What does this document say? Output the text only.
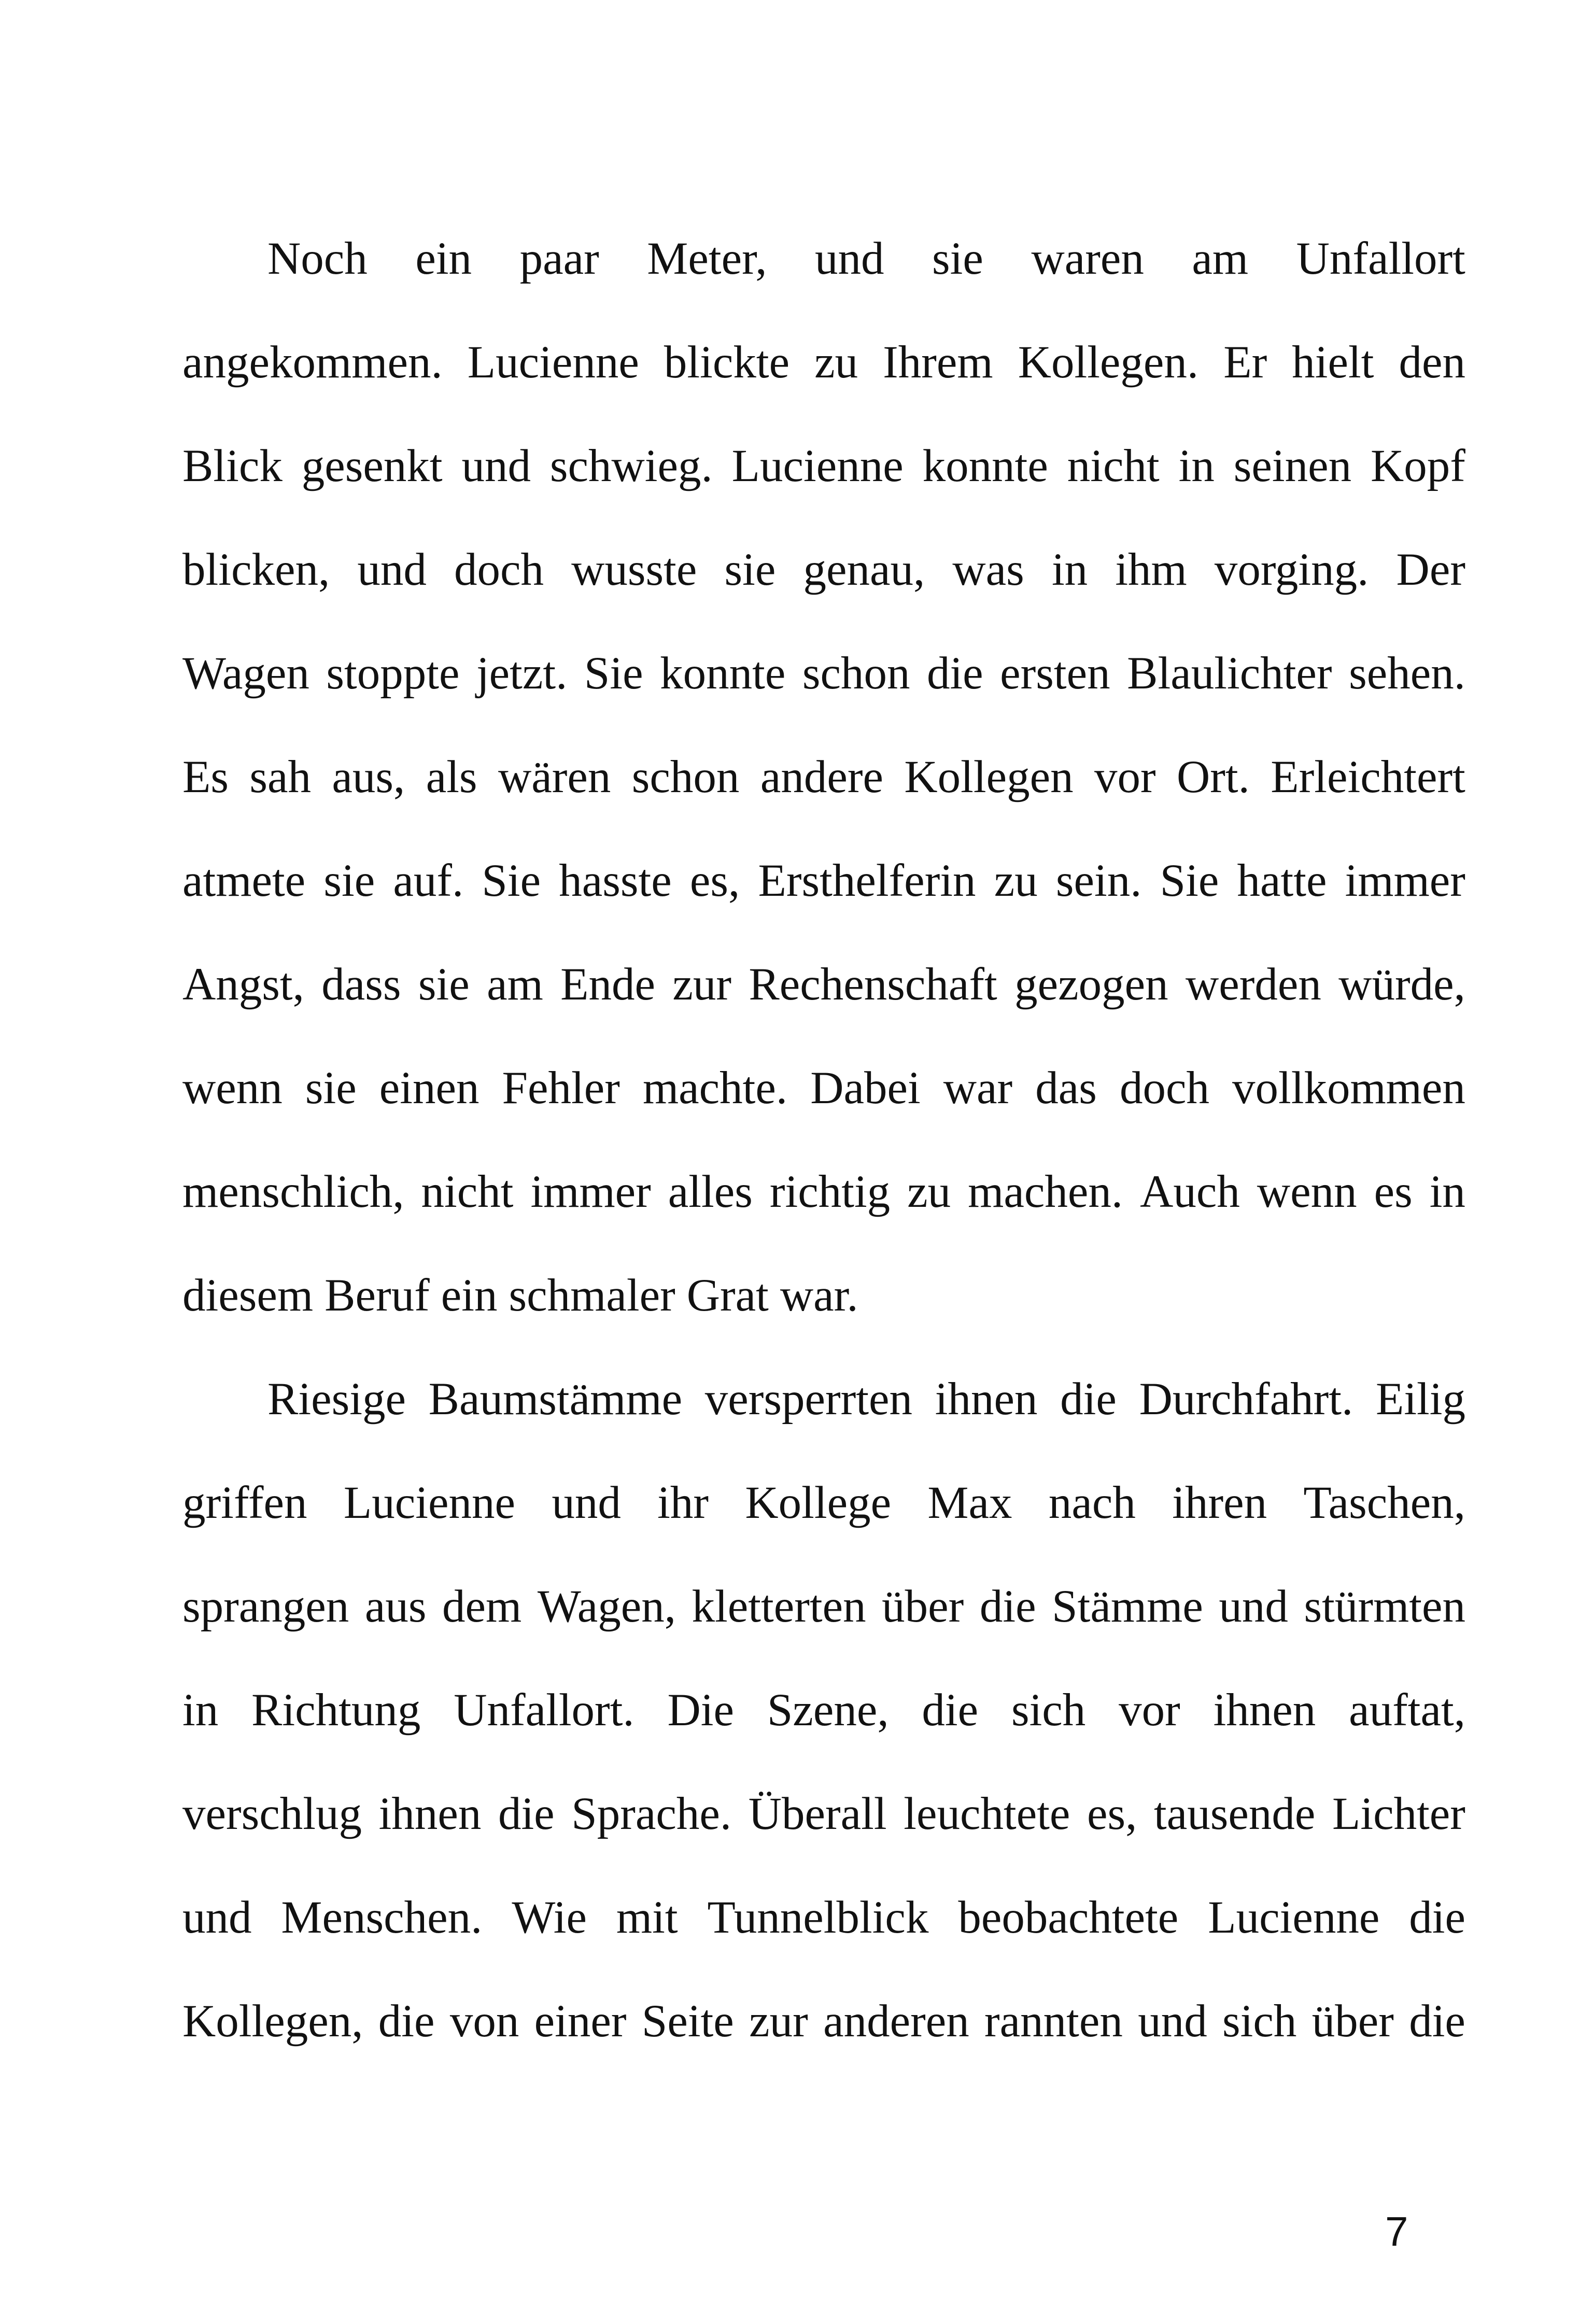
Noch ein paar Meter, und sie waren am Unfallort
angekommen. Lucienne blickte zu Ihrem Kollegen. Er hielt den
Blick gesenkt und schwieg. Lucienne konnte nicht in seinen Kopf
blicken, und doch wusste sie genau, was in ihm vorging. Der
Wagen stoppte jetzt. Sie konnte schon die ersten Blaulichter sehen.
Es sah aus, als wären schon andere Kollegen vor Ort. Erleichtert
atmete sie auf. Sie hasste es, Ersthelferin zu sein. Sie hatte immer
Angst, dass sie am Ende zur Rechenschaft gezogen werden würde,
wenn sie einen Fehler machte. Dabei war das doch vollkommen
menschlich, nicht immer alles richtig zu machen. Auch wenn es in
diesem Beruf ein schmaler Grat war.
Riesige Baumstämme versperrten ihnen die Durchfahrt. Eilig
griffen Lucienne und ihr Kollege Max nach ihren Taschen,
sprangen aus dem Wagen, kletterten über die Stämme und stürmten
in Richtung Unfallort. Die Szene, die sich vor ihnen auftat,
verschlug ihnen die Sprache. Überall leuchtete es, tausende Lichter
und Menschen. Wie mit Tunnelblick beobachtete Lucienne die
Kollegen, die von einer Seite zur anderen rannten und sich über die
7
